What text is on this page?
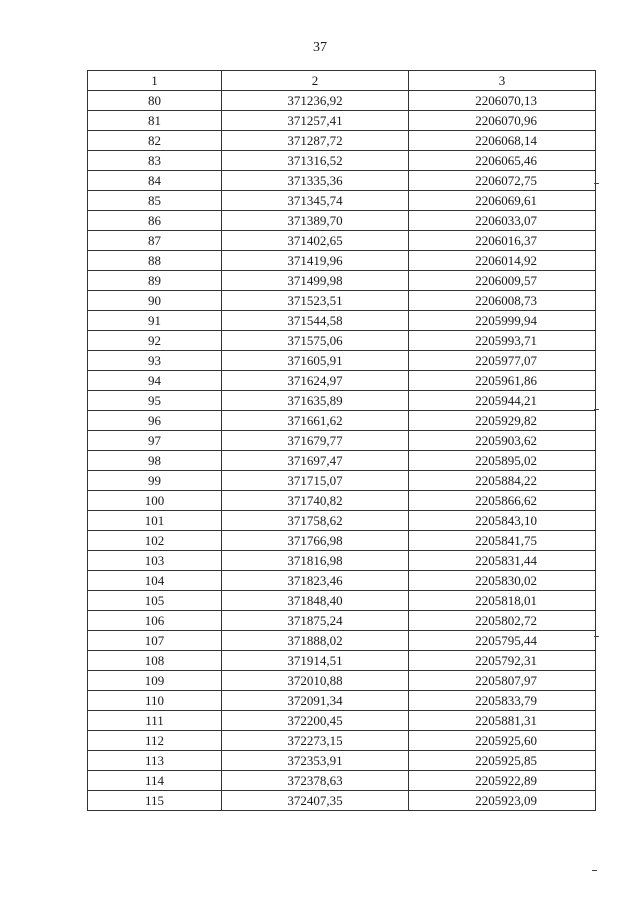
37
1	2	3
80	371236,92	2206070,13
81	371257,41	2206070,96
82	371287,72	2206068,14
83	371316,52	2206065,46
84	371335,36	2206072,75
85	371345,74	2206069,61
86	371389,70	2206033,07
87	371402,65	2206016,37
88	371419,96	2206014,92
89	371499,98	2206009,57
90	371523,51	2206008,73
91	371544,58	2205999,94
92	371575,06	2205993,71
93	371605,91	2205977,07
94	371624,97	2205961,86
95	371635,89	2205944,21
96	371661,62	2205929,82
97	371679,77	2205903,62
98	371697,47	2205895,02
99	371715,07	2205884,22
100	371740,82	2205866,62
101	371758,62	2205843,10
102	371766,98	2205841,75
103	371816,98	2205831,44
104	371823,46	2205830,02
105	371848,40	2205818,01
106	371875,24	2205802,72
107	371888,02	2205795,44
108	371914,51	2205792,31
109	372010,88	2205807,97
110	372091,34	2205833,79
111	372200,45	2205881,31
112	372273,15	2205925,60
113	372353,91	2205925,85
114	372378,63	2205922,89
115	372407,35	2205923,09
